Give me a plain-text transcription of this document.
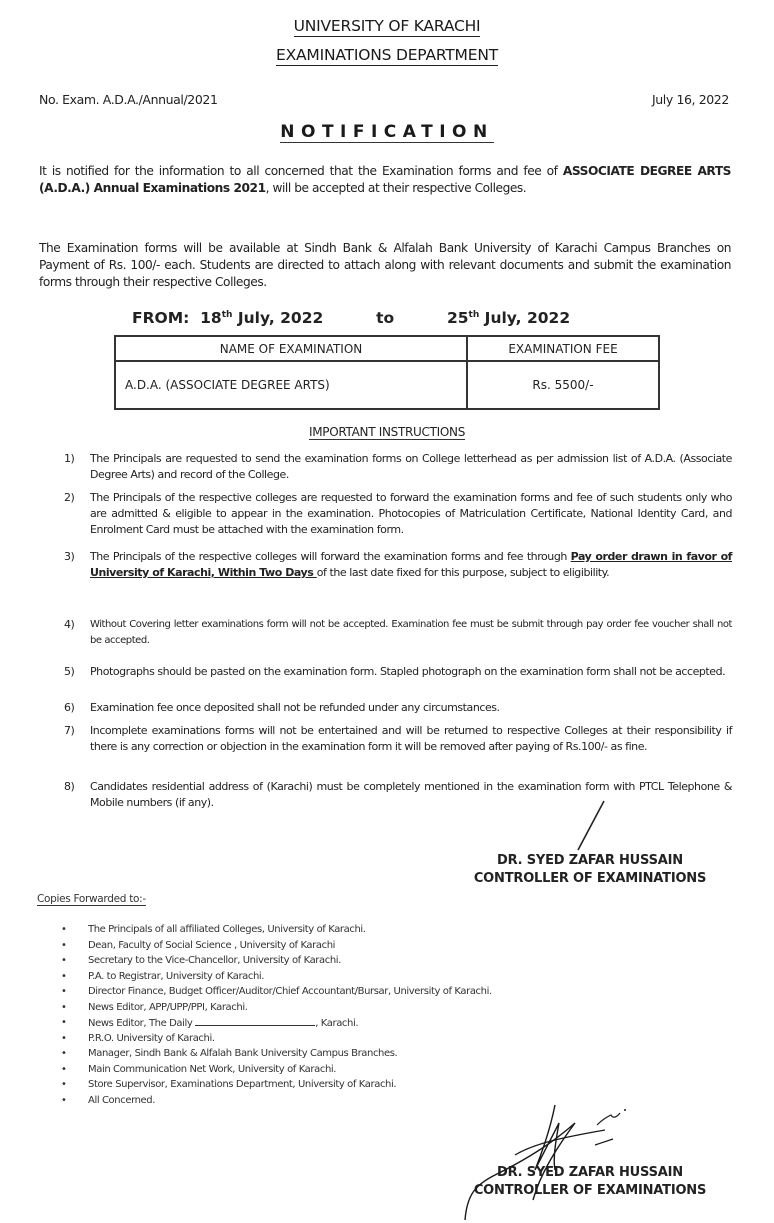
UNIVERSITY OF KARACHI
EXAMINATIONS DEPARTMENT
No. Exam. A.D.A./Annual/2021	July 16, 2022
NOTIFICATION
It is notified for the information to all concerned that the Examination forms and fee of ASSOCIATE DEGREE ARTS (A.D.A.) Annual Examinations 2021, will be accepted at their respective Colleges.
The Examination forms will be available at Sindh Bank & Alfalah Bank University of Karachi Campus Branches on Payment of Rs. 100/- each. Students are directed to attach along with relevant documents and submit the examination forms through their respective Colleges.
FROM: 18th July, 2022	to	25th July, 2022
NAME OF EXAMINATION	EXAMINATION FEE
A.D.A. (ASSOCIATE DEGREE ARTS)	Rs. 5500/-
IMPORTANT INSTRUCTIONS
1) The Principals are requested to send the examination forms on College letterhead as per admission list of A.D.A. (Associate Degree Arts) and record of the College.
2) The Principals of the respective colleges are requested to forward the examination forms and fee of such students only who are admitted & eligible to appear in the examination. Photocopies of Matriculation Certificate, National Identity Card, and Enrolment Card must be attached with the examination form.
3) The Principals of the respective colleges will forward the examination forms and fee through Pay order drawn in favor of University of Karachi, Within Two Days of the last date fixed for this purpose, subject to eligibility.
4) Without Covering letter examinations form will not be accepted. Examination fee must be submit through pay order fee voucher shall not be accepted.
5) Photographs should be pasted on the examination form. Stapled photograph on the examination form shall not be accepted.
6) Examination fee once deposited shall not be refunded under any circumstances.
7) Incomplete examinations forms will not be entertained and will be returned to respective Colleges at their responsibility if there is any correction or objection in the examination form it will be removed after paying of Rs.100/- as fine.
8) Candidates residential address of (Karachi) must be completely mentioned in the examination form with PTCL Telephone & Mobile numbers (if any).
DR. SYED ZAFAR HUSSAIN
CONTROLLER OF EXAMINATIONS
Copies Forwarded to:-
• The Principals of all affiliated Colleges, University of Karachi.
• Dean, Faculty of Social Science , University of Karachi
• Secretary to the Vice-Chancellor, University of Karachi.
• P.A. to Registrar, University of Karachi.
• Director Finance, Budget Officer/Auditor/Chief Accountant/Bursar, University of Karachi.
• News Editor, APP/UPP/PPI, Karachi.
• News Editor, The Daily	, Karachi.
• P.R.O. University of Karachi.
• Manager, Sindh Bank & Alfalah Bank University Campus Branches.
• Main Communication Net Work, University of Karachi.
• Store Supervisor, Examinations Department, University of Karachi.
• All Concerned.
DR. SYED ZAFAR HUSSAIN
CONTROLLER OF EXAMINATIONS
